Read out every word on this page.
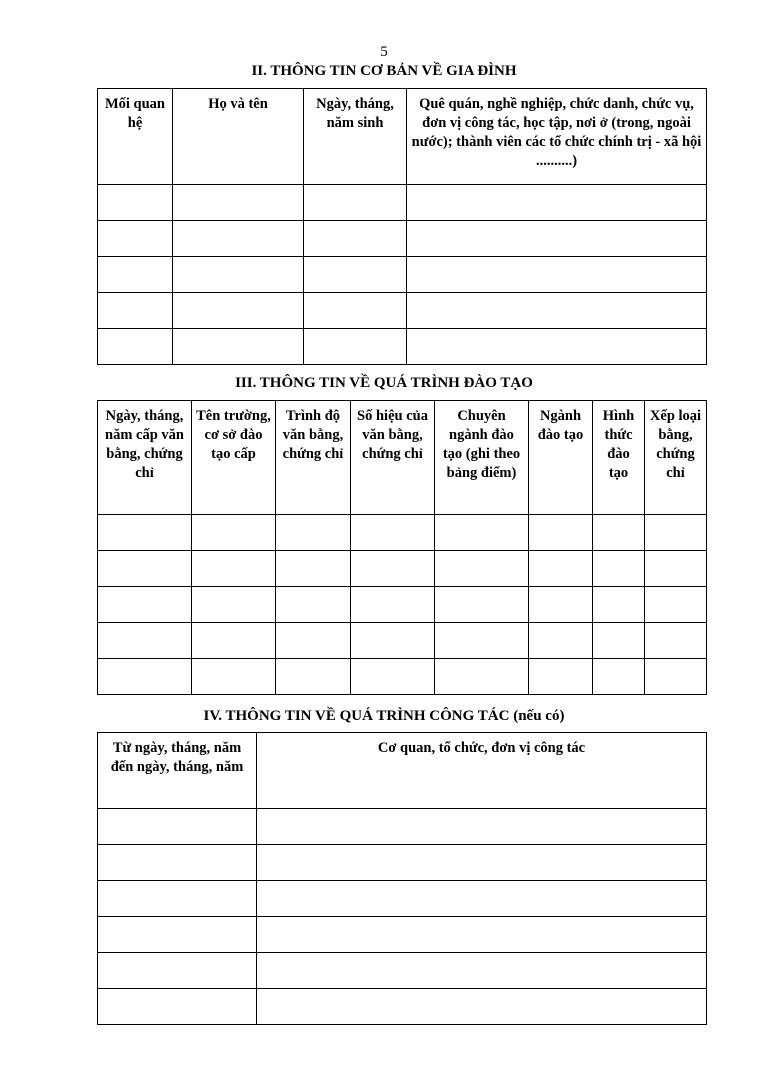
5
II. THÔNG TIN CƠ BẢN VỀ GIA ĐÌNH
Mối quan hệ	Họ và tên	Ngày, tháng, năm sinh	Quê quán, nghề nghiệp, chức danh, chức vụ, đơn vị công tác, học tập, nơi ở (trong, ngoài nước); thành viên các tổ chức chính trị - xã hội ..........)

III. THÔNG TIN VỀ QUÁ TRÌNH ĐÀO TẠO
Ngày, tháng, năm cấp văn bằng, chứng chỉ	Tên trường, cơ sở đào tạo cấp	Trình độ văn bằng, chứng chỉ	Số hiệu của văn bằng, chứng chỉ	Chuyên ngành đào tạo (ghi theo bảng điểm)	Ngành đào tạo	Hình thức đào tạo	Xếp loại bằng, chứng chỉ

IV. THÔNG TIN VỀ QUÁ TRÌNH CÔNG TÁC (nếu có)
Từ ngày, tháng, năm đến ngày, tháng, năm	Cơ quan, tổ chức, đơn vị công tác
